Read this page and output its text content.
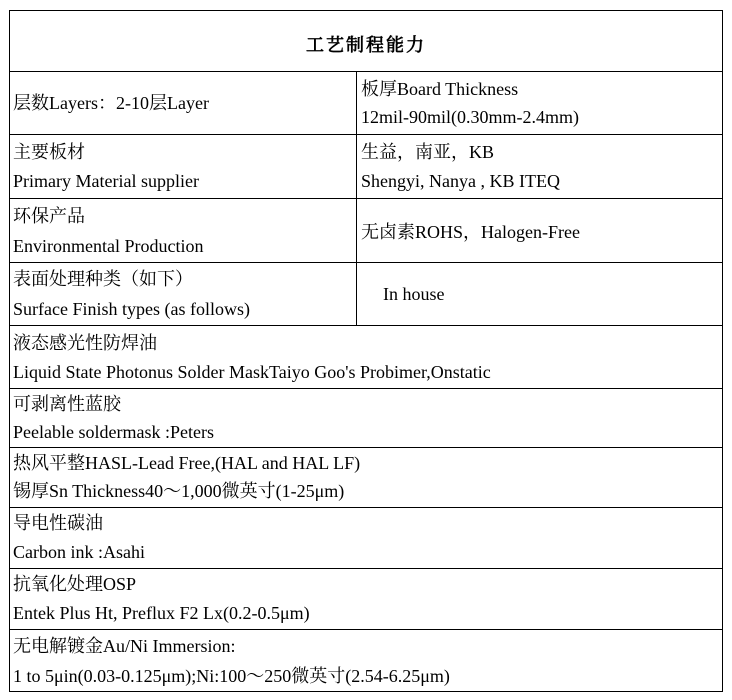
工艺制程能力
层数Layers：2-10层Layer
板厚Board Thickness
12mil-90mil(0.30mm-2.4mm)
主要板材
Primary Material supplier
生益，南亚，KB
Shengyi, Nanya , KB ITEQ
环保产品
Environmental Production
无卤素ROHS，Halogen-Free
表面处理种类（如下）
Surface Finish types (as follows)
In house
液态感光性防焊油
Liquid State Photonus Solder MaskTaiyo Goo's Probimer,Onstatic
可剥离性蓝胶
Peelable soldermask :Peters
热风平整HASL-Lead Free,(HAL and HAL LF)
锡厚Sn Thickness40～1,000微英寸(1-25μm)
导电性碳油
Carbon ink :Asahi
抗氧化处理OSP
Entek Plus Ht, Preflux F2 Lx(0.2-0.5μm)
无电解镀金Au/Ni Immersion:
1 to 5μin(0.03-0.125μm);Ni:100～250微英寸(2.54-6.25μm)
